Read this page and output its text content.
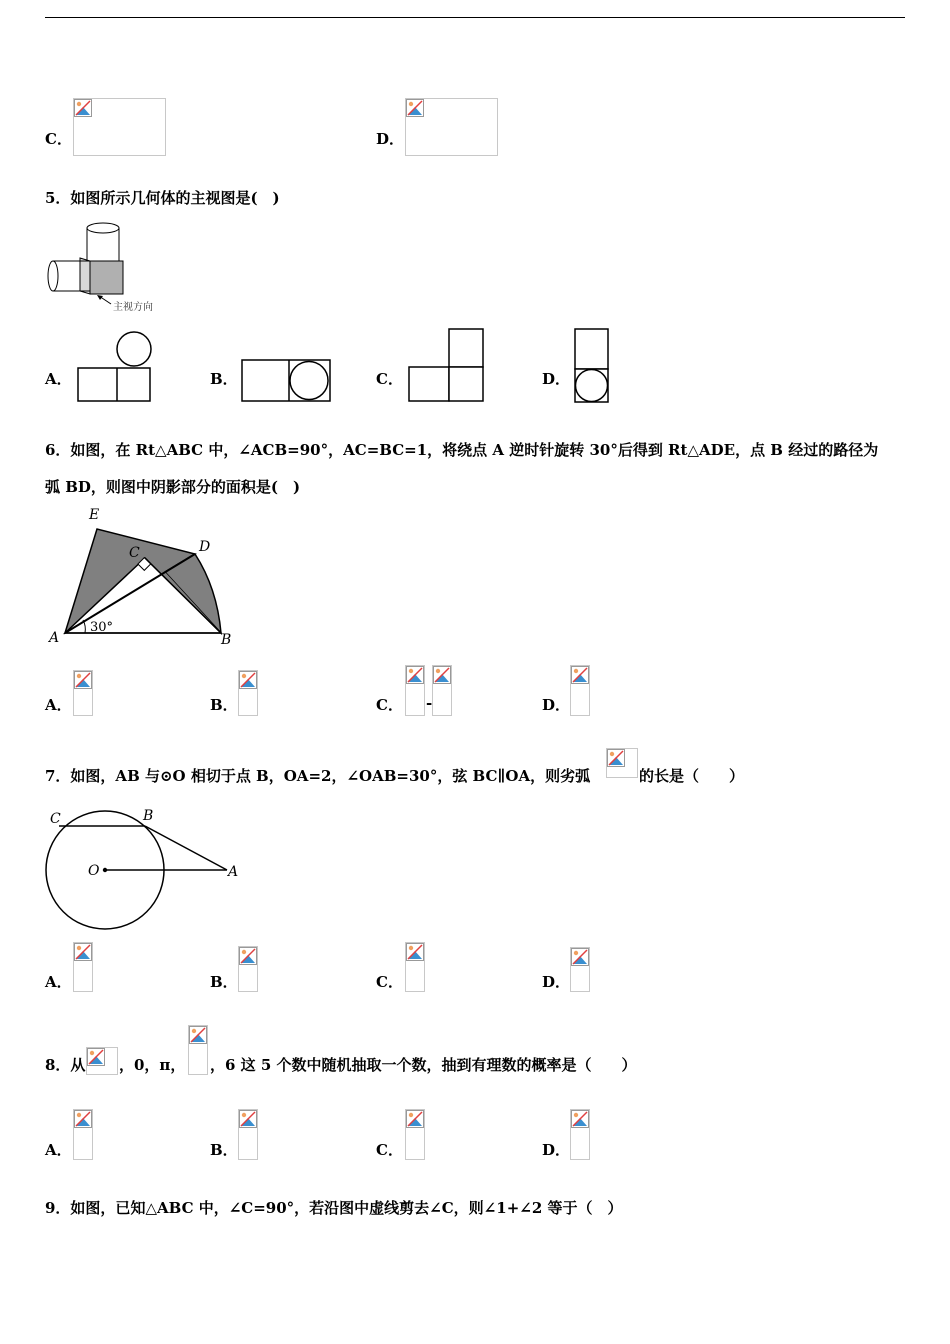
C．	D．
5．如图所示几何体的主视图是(　)
主视方向
A．	B．	C．	D．
6．如图，在 Rt△ABC 中，∠ACB=90°，AC=BC=1，将绕点 A 逆时针旋转 30°后得到 Rt△ADE，点 B 经过的路径为
弧 BD，则图中阴影部分的面积是(　)
E
C	D
A	B
30°
A．	B．	C． -	D．
7．如图，AB 与⊙O 相切于点 B，OA=2，∠OAB=30°，弦 BC∥OA，则劣弧	的长是（　　）
C	B
O	A
A．	B．	C．	D．
8．从 ，0，π， ，6 这 5 个数中随机抽取一个数，抽到有理数的概率是（　　）
A．	B．	C．	D．
9．如图，已知△ABC 中，∠C=90°，若沿图中虚线剪去∠C，则∠1+∠2 等于（　）
